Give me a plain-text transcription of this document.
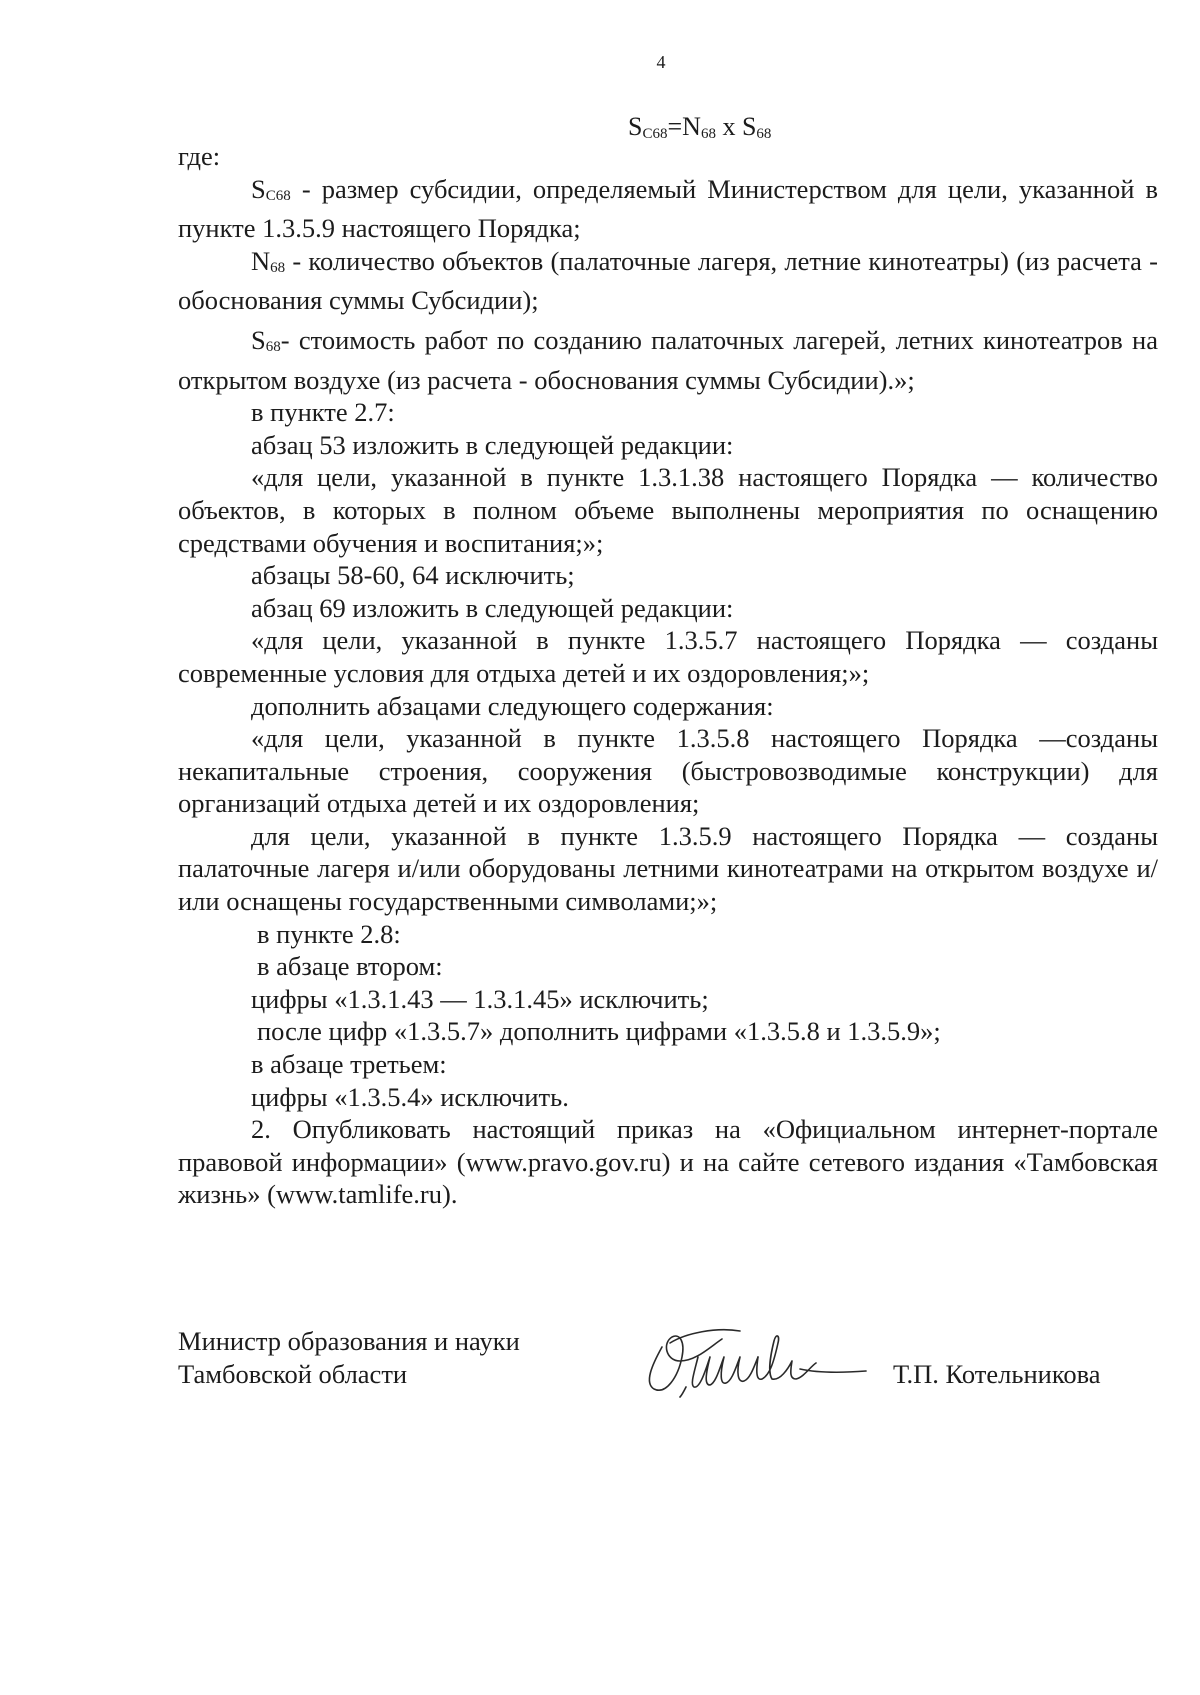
4
$S_{C68}=N_{68}$ x $S_{68}$

где:

$S_{C68}$ - размер субсидии, определяемый Министерством для цели, указанной в пункте 1.3.5.9 настоящего Порядка;

$N_{68}$ - количество объектов (палаточные лагеря, летние кинотеатры) (из расчета - обоснования суммы Субсидии);

$S_{68}-$ стоимость работ по созданию палаточных лагерей, летних кинотеатров на открытом воздухе (из расчета - обоснования суммы Субсидии).»;

в пункте 2.7:

абзац 53 изложить в следующей редакции:

«для цели, указанной в пункте 1.3.1.38 настоящего Порядка — количество объектов, в которых в полном объеме выполнены мероприятия по оснащению средствами обучения и воспитания;»;

абзацы 58-60, 64 исключить;

абзац 69 изложить в следующей редакции:

«для цели, указанной в пункте 1.3.5.7 настоящего Порядка — созданы современные условия для отдыха детей и их оздоровления;»;

дополнить абзацами следующего содержания:

«для цели, указанной в пункте 1.3.5.8 настоящего Порядка —созданы некапитальные строения, сооружения (быстровозводимые конструкции) для организаций отдыха детей и их оздоровления;

для цели, указанной в пункте 1.3.5.9 настоящего Порядка — созданы палаточные лагеря и/или оборудованы летними кинотеатрами на открытом воздухе и/или оснащены государственными символами;»;

в пункте 2.8:

в абзаце втором:

цифры «1.3.1.43 — 1.3.1.45» исключить;

после цифр «1.3.5.7» дополнить цифрами «1.3.5.8 и 1.3.5.9»;

в абзаце третьем:

цифры «1.3.5.4» исключить.

2. Опубликовать настоящий приказ на «Официальном интернет-портале правовой информации» (www.pravo.gov.ru) и на сайте сетевого издания «Тамбовская жизнь» (www.tamlife.ru).

Министр образования и науки
Тамбовской области	Т.П. Котельникова
